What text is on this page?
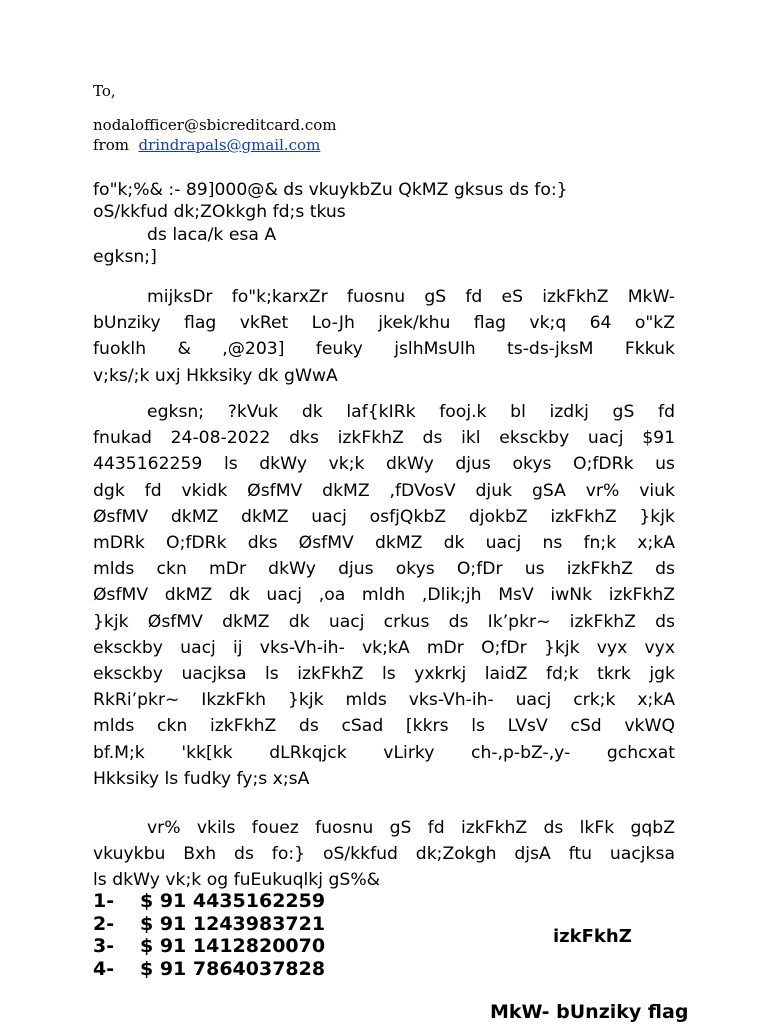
To,
nodalofficer@sbicreditcard.com
from drindrapals@gmail.com
fo"k;%& :- 89]000@& ds vkuykbZu QkMZ gksus ds fo:}
oS/kkfud dk;ZOkkgh fd;s tkus
ds laca/k esa A
egksn;]
mijksDr fo"k;karxZr fuosnu gS fd eS izkFkhZ MkW-
bUnziky flag vkRet Lo-Jh jkek/khu flag vk;q 64 o"kZ
fuoklh & ,@203] feuky jslhMsUlh ts-ds-jksM Fkkuk
v;ks/;k uxj Hkksiky dk gWwA
egksn; ?kVuk dk laf{kIRk fooj.k bl izdkj gS fd
fnukad 24-08-2022 dks izkFkhZ ds ikl eksckby uacj $91
4435162259 ls dkWy vk;k dkWy djus okys O;fDRk us
dgk fd vkidk ØsfMV dkMZ ,fDVosV djuk gSA vr% viuk
ØsfMV dkMZ dkMZ uacj osfjQkbZ djokbZ izkFkhZ }kjk
mDRk O;fDRk dks ØsfMV dkMZ dk uacj ns fn;k x;kA
mlds ckn mDr dkWy djus okys O;fDr us izkFkhZ ds
ØsfMV dkMZ dk uacj ,oa mldh ,Dlik;jh MsV iwNk izkFkhZ
}kjk ØsfMV dkMZ dk uacj crkus ds Ik’pkr~ izkFkhZ ds
eksckby uacj ij vks-Vh-ih- vk;kA mDr O;fDr }kjk vyx vyx
eksckby uacjksa ls izkFkhZ ls yxkrkj laidZ fd;k tkrk jgk
RkRi’pkr~ IkzkFkh }kjk mlds vks-Vh-ih- uacj crk;k x;kA
mlds ckn izkFkhZ ds cSad [kkrs ls LVsV cSd vkWQ
bf.M;k 'kk[kk dLRkqjck vLirky ch-,p-bZ-,y- gchcxat
Hkksiky ls fudky fy;s x;sA
vr% vkils fouez fuosnu gS fd izkFkhZ ds lkFk gqbZ
vkuykbu Bxh ds fo:} oS/kkfud dk;Zokgh djsA ftu uacjksa
ls dkWy vk;k og fuEukuqlkj gS%&
1- $ 91 4435162259
2- $ 91 1243983721
3- $ 91 1412820070
4- $ 91 7864037828
izkFkhZ
MkW- bUnziky flag
